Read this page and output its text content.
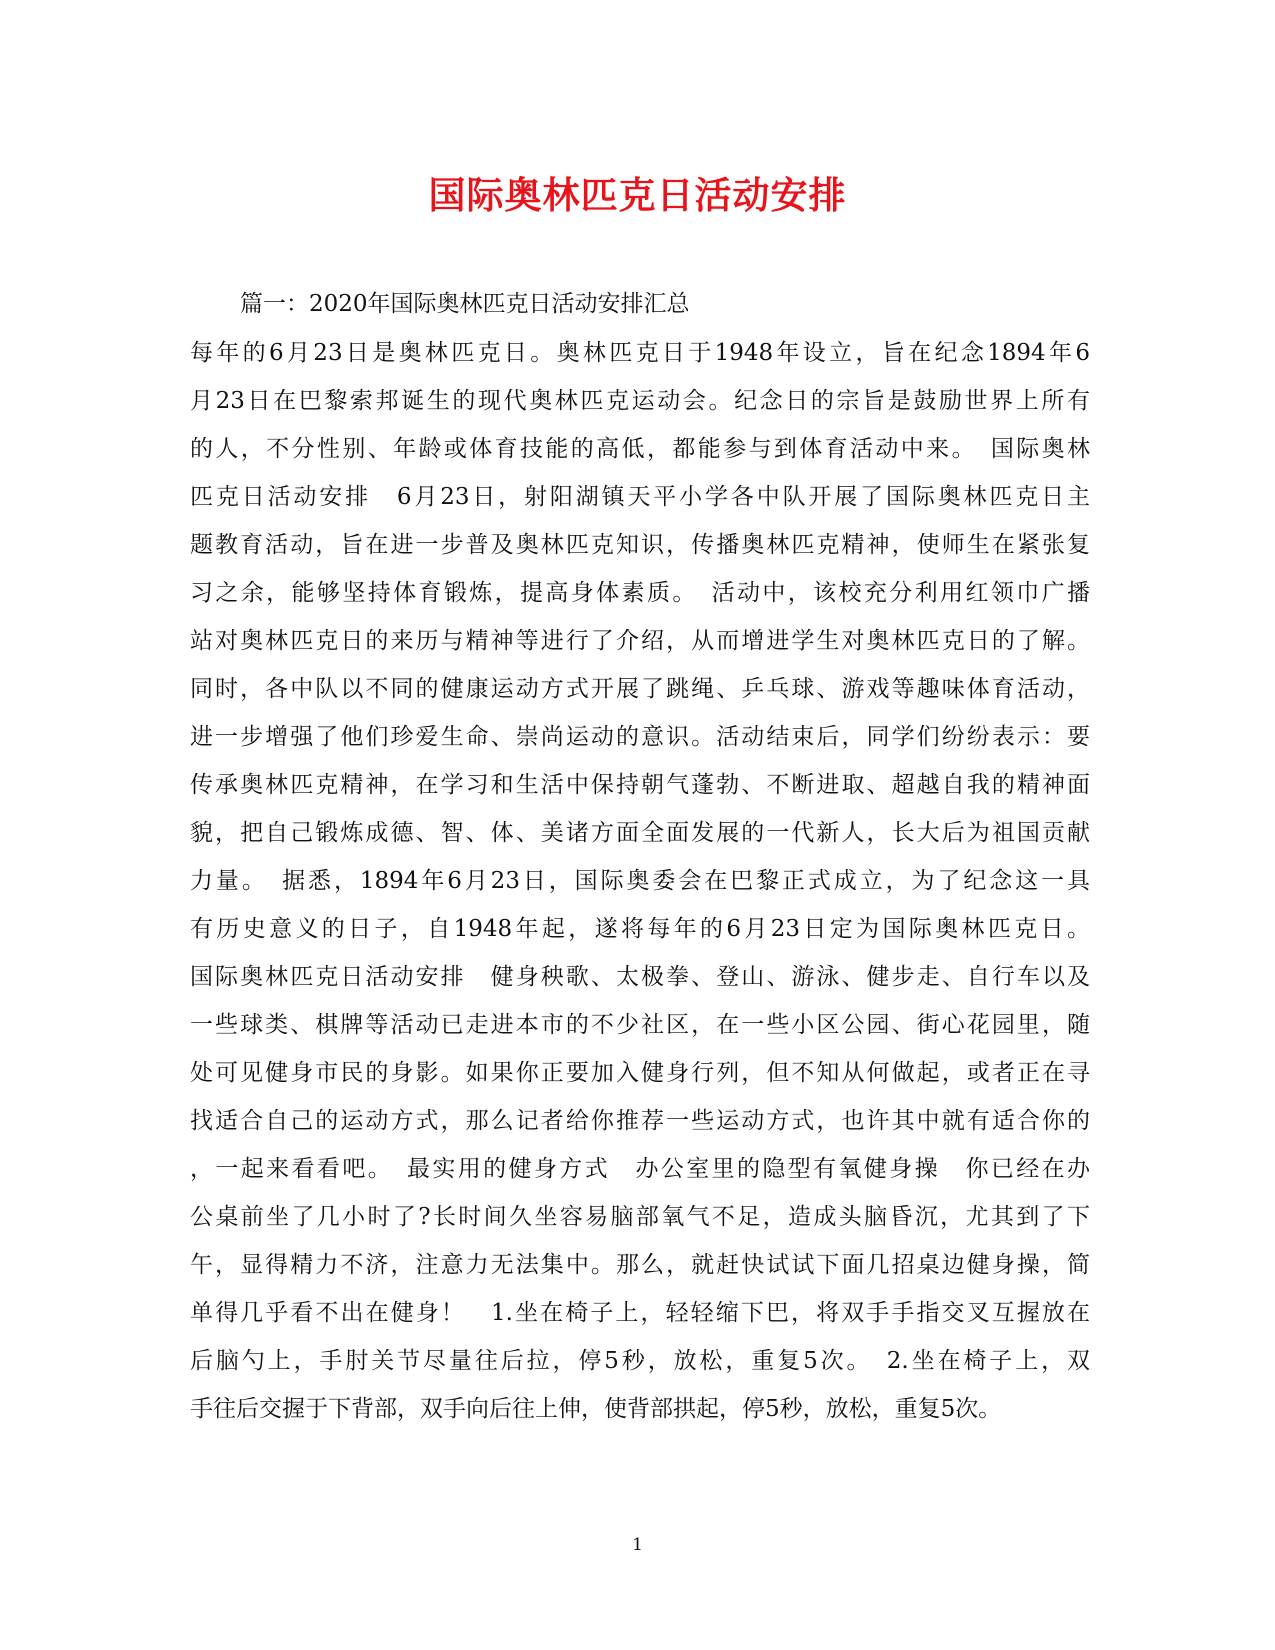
国际奥林匹克日活动安排

篇一：2020年国际奥林匹克日活动安排汇总

每年的6月23日是奥林匹克日。奥林匹克日于1948年设立，旨在纪念1894年6
月23日在巴黎索邦诞生的现代奥林匹克运动会。纪念日的宗旨是鼓励世界上所有
的人，不分性别、年龄或体育技能的高低，都能参与到体育活动中来。　国际奥林
匹克日活动安排　6月23日，射阳湖镇天平小学各中队开展了国际奥林匹克日主
题教育活动，旨在进一步普及奥林匹克知识，传播奥林匹克精神，使师生在紧张复
习之余，能够坚持体育锻炼，提高身体素质。　活动中，该校充分利用红领巾广播
站对奥林匹克日的来历与精神等进行了介绍，从而增进学生对奥林匹克日的了解。
同时，各中队以不同的健康运动方式开展了跳绳、乒乓球、游戏等趣味体育活动，
进一步增强了他们珍爱生命、崇尚运动的意识。活动结束后，同学们纷纷表示：要
传承奥林匹克精神，在学习和生活中保持朝气蓬勃、不断进取、超越自我的精神面
貌，把自己锻炼成德、智、体、美诸方面全面发展的一代新人，长大后为祖国贡献
力量。　据悉，1894年6月23日，国际奥委会在巴黎正式成立，为了纪念这一具
有历史意义的日子，自1948年起，遂将每年的6月23日定为国际奥林匹克日。
国际奥林匹克日活动安排　健身秧歌、太极拳、登山、游泳、健步走、自行车以及
一些球类、棋牌等活动已走进本市的不少社区，在一些小区公园、街心花园里，随
处可见健身市民的身影。如果你正要加入健身行列，但不知从何做起，或者正在寻
找适合自己的运动方式，那么记者给你推荐一些运动方式，也许其中就有适合你的
，一起来看看吧。　最实用的健身方式　办公室里的隐型有氧健身操　你已经在办
公桌前坐了几小时了?长时间久坐容易脑部氧气不足，造成头脑昏沉，尤其到了下
午，显得精力不济，注意力无法集中。那么，就赶快试试下面几招桌边健身操，简
单得几乎看不出在健身！　1.坐在椅子上，轻轻缩下巴，将双手手指交叉互握放在
后脑勺上，手肘关节尽量往后拉，停5秒，放松，重复5次。　2.坐在椅子上，双
手往后交握于下背部，双手向后往上伸，使背部拱起，停5秒，放松，重复5次。
1
